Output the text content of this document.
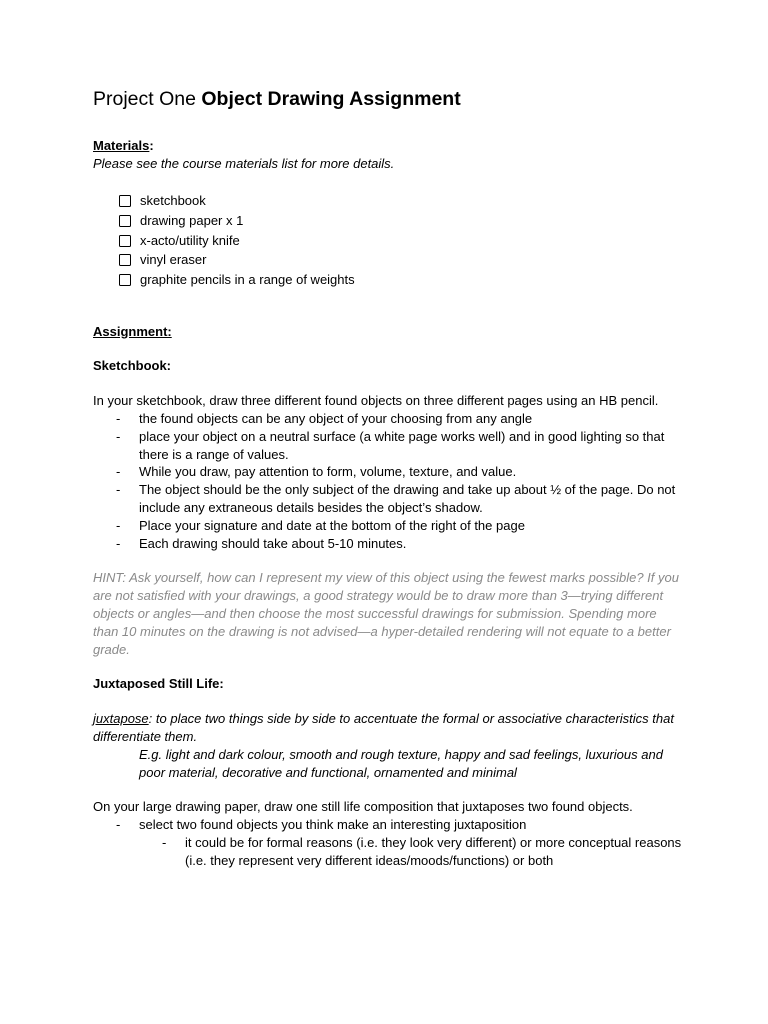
Project One Object Drawing Assignment

Materials:

Please see the course materials list for more details.

sketchbook
drawing paper x 1
x-acto/utility knife
vinyl eraser
graphite pencils in a range of weights

Assignment:

Sketchbook:

In your sketchbook, draw three different found objects on three different pages using an HB pencil.

- the found objects can be any object of your choosing from any angle
- place your object on a neutral surface (a white page works well) and in good lighting so that there is a range of values.
- While you draw, pay attention to form, volume, texture, and value.
- The object should be the only subject of the drawing and take up about ½ of the page. Do not include any extraneous details besides the object’s shadow.
- Place your signature and date at the bottom of the right of the page
- Each drawing should take about 5-10 minutes.

HINT: Ask yourself, how can I represent my view of this object using the fewest marks possible? If you are not satisfied with your drawings, a good strategy would be to draw more than 3—trying different objects or angles—and then choose the most successful drawings for submission. Spending more than 10 minutes on the drawing is not advised—a hyper-detailed rendering will not equate to a better grade.

Juxtaposed Still Life:

juxtapose: to place two things side by side to accentuate the formal or associative characteristics that differentiate them.

E.g. light and dark colour, smooth and rough texture, happy and sad feelings, luxurious and poor material, decorative and functional, ornamented and minimal

On your large drawing paper, draw one still life composition that juxtaposes two found objects.

- select two found objects you think make an interesting juxtaposition
- it could be for formal reasons (i.e. they look very different) or more conceptual reasons (i.e. they represent very different ideas/moods/functions) or both
